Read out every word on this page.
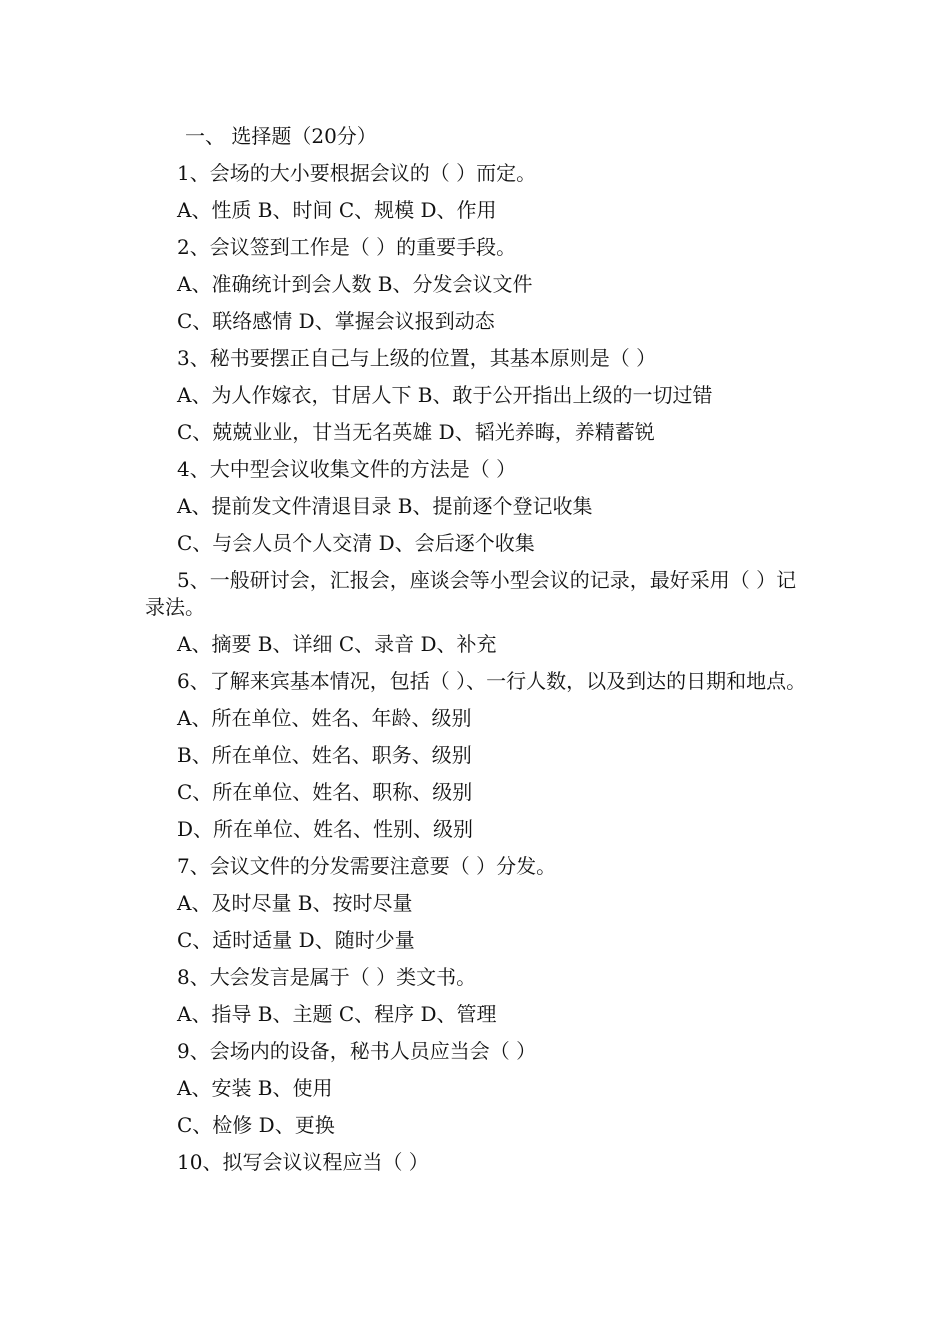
一、 选择题（20分）
1、会场的大小要根据会议的（ ）而定。
A、性质 B、时间 C、规模 D、作用
2、会议签到工作是（ ）的重要手段。
A、准确统计到会人数 B、分发会议文件
C、联络感情 D、掌握会议报到动态
3、秘书要摆正自己与上级的位置，其基本原则是（ ）
A、为人作嫁衣，甘居人下 B、敢于公开指出上级的一切过错
C、兢兢业业，甘当无名英雄 D、韬光养晦，养精蓄锐
4、大中型会议收集文件的方法是（ ）
A、提前发文件清退目录 B、提前逐个登记收集
C、与会人员个人交清 D、会后逐个收集
5、一般研讨会，汇报会，座谈会等小型会议的记录，最好采用（ ）记录法。
A、摘要 B、详细 C、录音 D、补充
6、了解来宾基本情况，包括（ ）、一行人数，以及到达的日期和地点。
A、所在单位、姓名、年龄、级别
B、所在单位、姓名、职务、级别
C、所在单位、姓名、职称、级别
D、所在单位、姓名、性别、级别
7、会议文件的分发需要注意要（ ）分发。
A、及时尽量 B、按时尽量
C、适时适量 D、随时少量
8、大会发言是属于（ ）类文书。
A、指导 B、主题 C、程序 D、管理
9、会场内的设备，秘书人员应当会（ ）
A、安装 B、使用
C、检修 D、更换
10、拟写会议议程应当（ ）
